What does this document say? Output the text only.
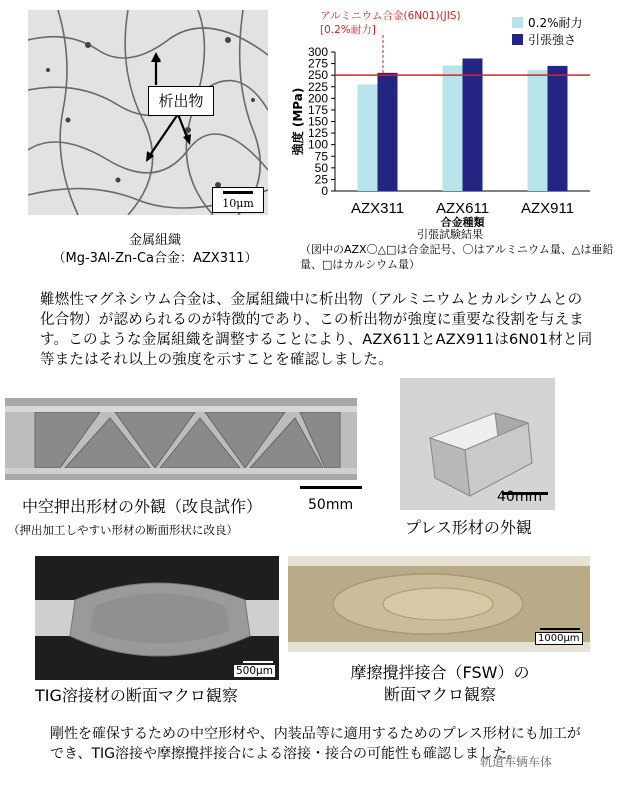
析出物
10μm
金属組織
（Mg-3Al-Zn-Ca合金：AZX311）
0
25
50
75
100
125
150
175
200
225
250
275
300
強度 (MPa)
AZX311 AZX611 AZX911
アルミニウム合金(6N01)(JIS)
[0.2%耐力]	0.2%耐力
引張強さ
合金種類
引張試験結果
（図中のAZX〇△□は合金記号、〇はアルミニウム量、△は亜鉛量、□はカルシウム量）
難燃性マグネシウム合金は、金属組織中に析出物（アルミニウムとカルシウムとの化合物）が認められるのが特徴的であり、この析出物が強度に重要な役割を与えます。このような金属組織を調整することにより、AZX611とAZX911は6N01材と同等またはそれ以上の強度を示すことを確認しました。
50mm
中空押出形材の外観（改良試作）
（押出加工しやすい形材の断面形状に改良）
40mm
プレス形材の外観
500μm
TIG溶接材の断面マクロ観察
1000μm
摩擦攪拌接合（FSW）の
断面マクロ観察
剛性を確保するための中空形材や、内装品等に適用するためのプレス形材にも加工ができ、TIG溶接や摩擦攪拌接合による溶接・接合の可能性も確認しました。
轨道车辆车体
